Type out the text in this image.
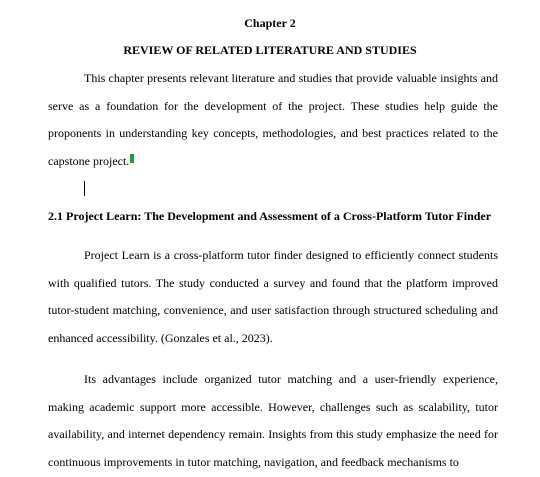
Chapter 2

REVIEW OF RELATED LITERATURE AND STUDIES

This chapter presents relevant literature and studies that provide valuable insights and serve as a foundation for the development of the project. These studies help guide the proponents in understanding key concepts, methodologies, and best practices related to the capstone project.

2.1 Project Learn: The Development and Assessment of a Cross-Platform Tutor Finder

Project Learn is a cross-platform tutor finder designed to efficiently connect students with qualified tutors. The study conducted a survey and found that the platform improved tutor-student matching, convenience, and user satisfaction through structured scheduling and enhanced accessibility. (Gonzales et al., 2023).

Its advantages include organized tutor matching and a user-friendly experience, making academic support more accessible. However, challenges such as scalability, tutor availability, and internet dependency remain. Insights from this study emphasize the need for continuous improvements in tutor matching, navigation, and feedback mechanisms to
